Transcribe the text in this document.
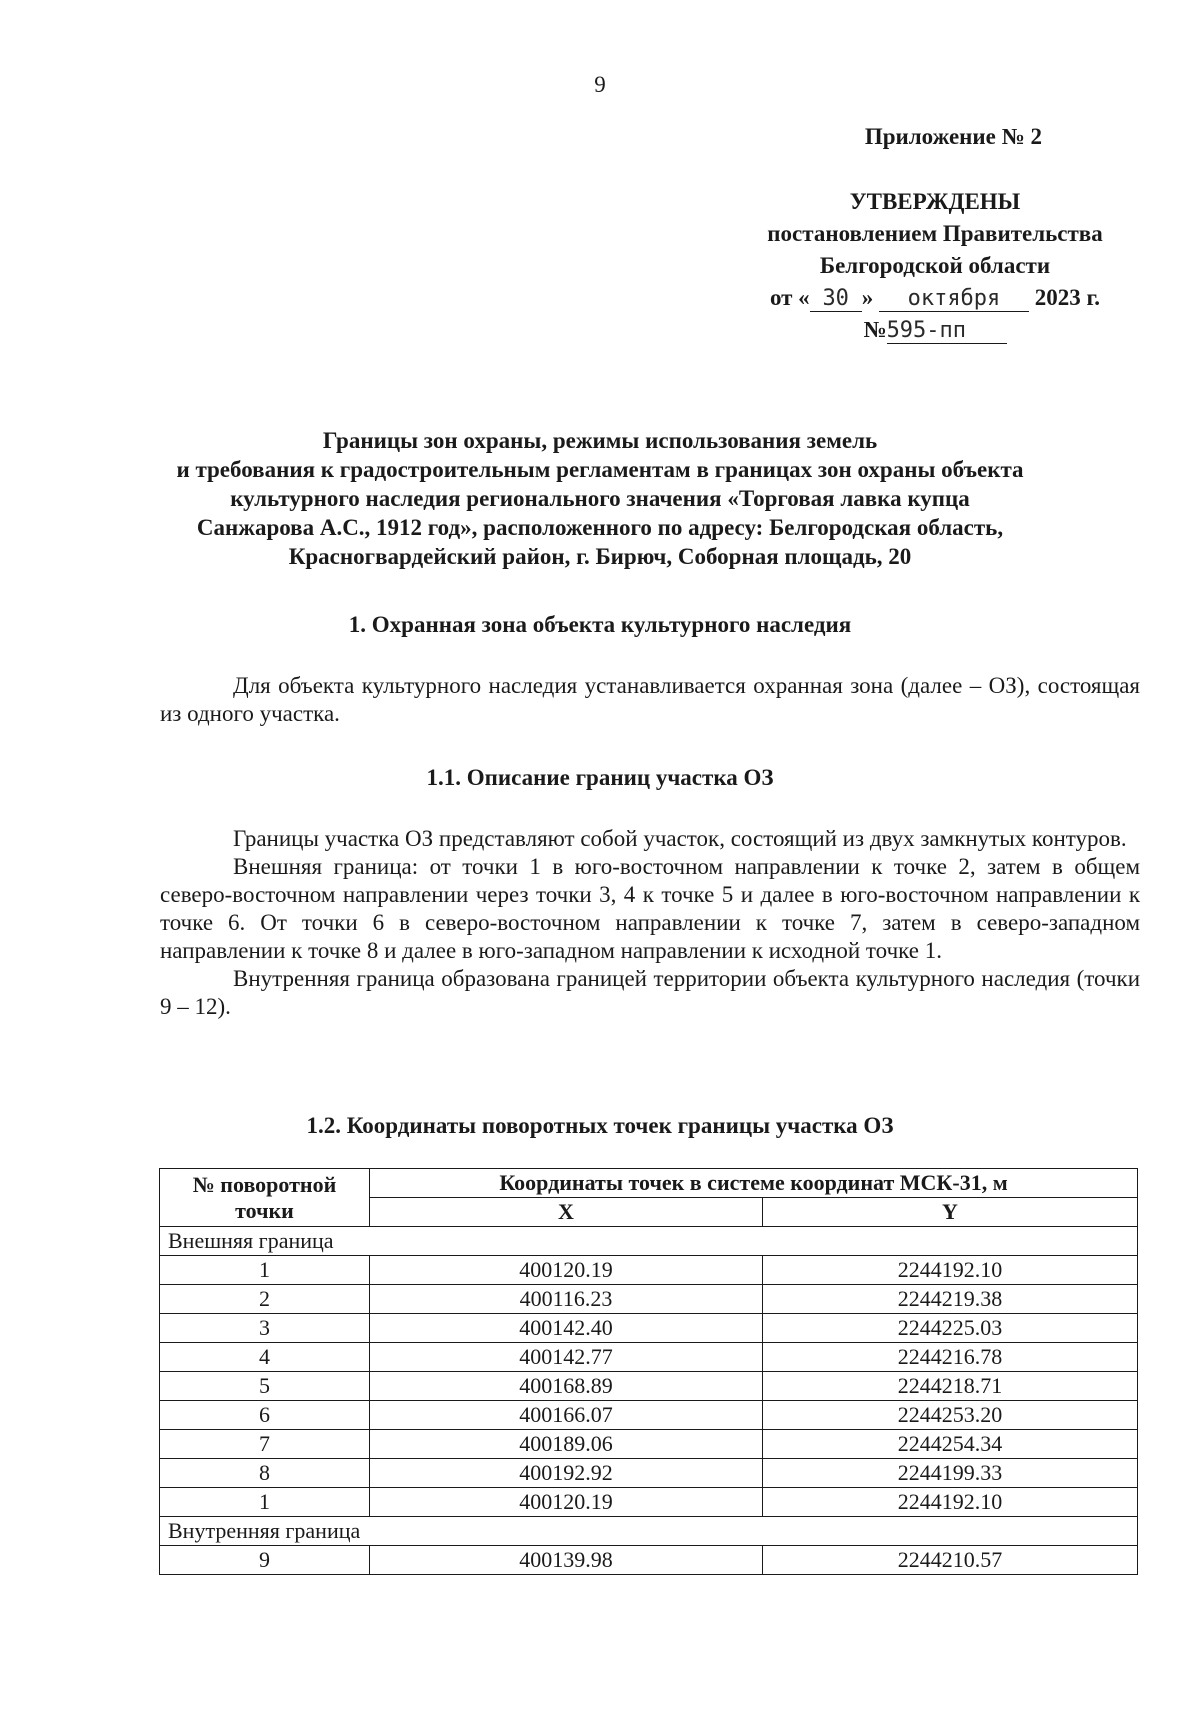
9
Приложение № 2
УТВЕРЖДЕНЫ
постановлением Правительства
Белгородской области
от « 30 » октября 2023 г.
№595-пп
Границы зон охраны, режимы использования земель
и требования к градостроительным регламентам в границах зон охраны объекта
культурного наследия регионального значения «Торговая лавка купца
Санжарова А.С., 1912 год», расположенного по адресу: Белгородская область,
Красногвардейский район, г. Бирюч, Соборная площадь, 20
1. Охранная зона объекта культурного наследия

Для объекта культурного наследия устанавливается охранная зона (далее – ОЗ), состоящая из одного участка.

1.1. Описание границ участка ОЗ

Границы участка ОЗ представляют собой участок, состоящий из двух замкнутых контуров.

Внешняя граница: от точки 1 в юго-восточном направлении к точке 2, затем в общем северо-восточном направлении через точки 3, 4 к точке 5 и далее в юго-восточном направлении к точке 6. От точки 6 в северо-восточном направлении к точке 7, затем в северо-западном направлении к точке 8 и далее в юго-западном направлении к исходной точке 1.

Внутренняя граница образована границей территории объекта культурного наследия (точки 9 – 12).

1.2. Координаты поворотных точек границы участка ОЗ
№ поворотной точки	Координаты точек в системе координат МСК-31, м	
	X	Y
Внешняя граница		
1	400120.19	2244192.10
2	400116.23	2244219.38
3	400142.40	2244225.03
4	400142.77	2244216.78
5	400168.89	2244218.71
6	400166.07	2244253.20
7	400189.06	2244254.34
8	400192.92	2244199.33
1	400120.19	2244192.10
Внутренняя граница		
9	400139.98	2244210.57
